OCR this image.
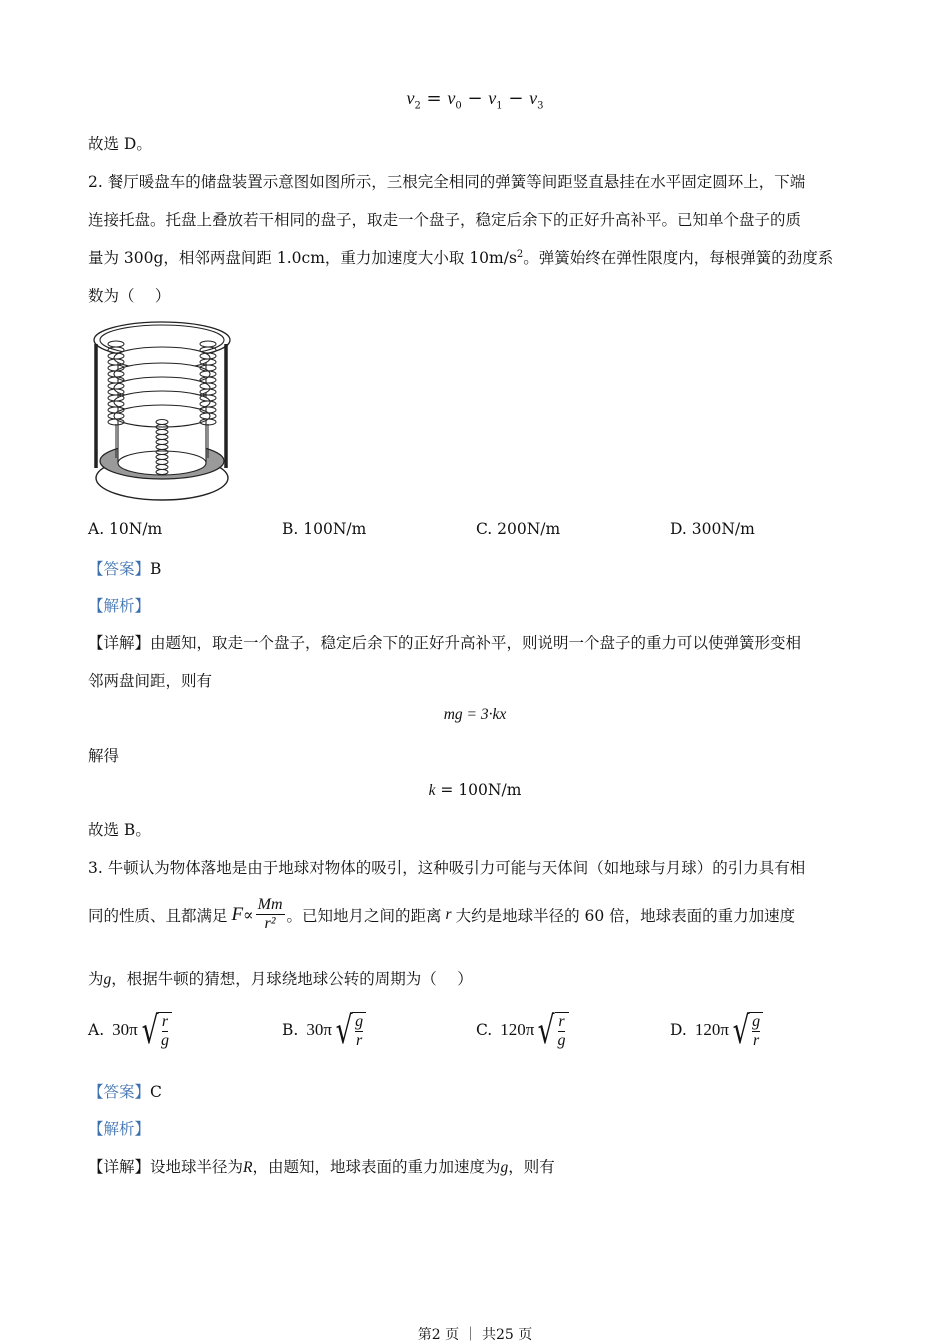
$v_2 = v_0 - v_1 - v_3$
故选 D。
2. 餐厅暖盘车的储盘装置示意图如图所示，三根完全相同的弹簧等间距竖直悬挂在水平固定圆环上，下端
连接托盘。托盘上叠放若干相同的盘子，取走一个盘子，稳定后余下的正好升高补平。已知单个盘子的质
量为 300g，相邻两盘间距 1.0cm，重力加速度大小取 $10m/s^2$。弹簧始终在弹性限度内，每根弹簧的劲度系
数为（　 ）
A. 10N/m	B. 100N/m	C. 200N/m	D. 300N/m
【答案】B
【解析】
【详解】由题知，取走一个盘子，稳定后余下的正好升高补平，则说明一个盘子的重力可以使弹簧形变相
邻两盘间距，则有
mg = 3·kx
解得
k = 100N/m
故选 B。
3. 牛顿认为物体落地是由于地球对物体的吸引，这种吸引力可能与天体间（如地球与月球）的引力具有相
同的性质、且都满足 $F \propto \frac{Mm}{\text{r²}}$ 。已知地月之间的距离 r 大约是地球半径的 60 倍，地球表面的重力加速度
为g，根据牛顿的猜想，月球绕地球公转的周期为（　 ）
A. 30π √ r
g
B. 30π √ g
r
C. 120π √ r
g
D. 120π √ g
r
【答案】C
【解析】
【详解】设地球半径为R，由题知，地球表面的重力加速度为g，则有
第2 页 ｜ 共25 页
